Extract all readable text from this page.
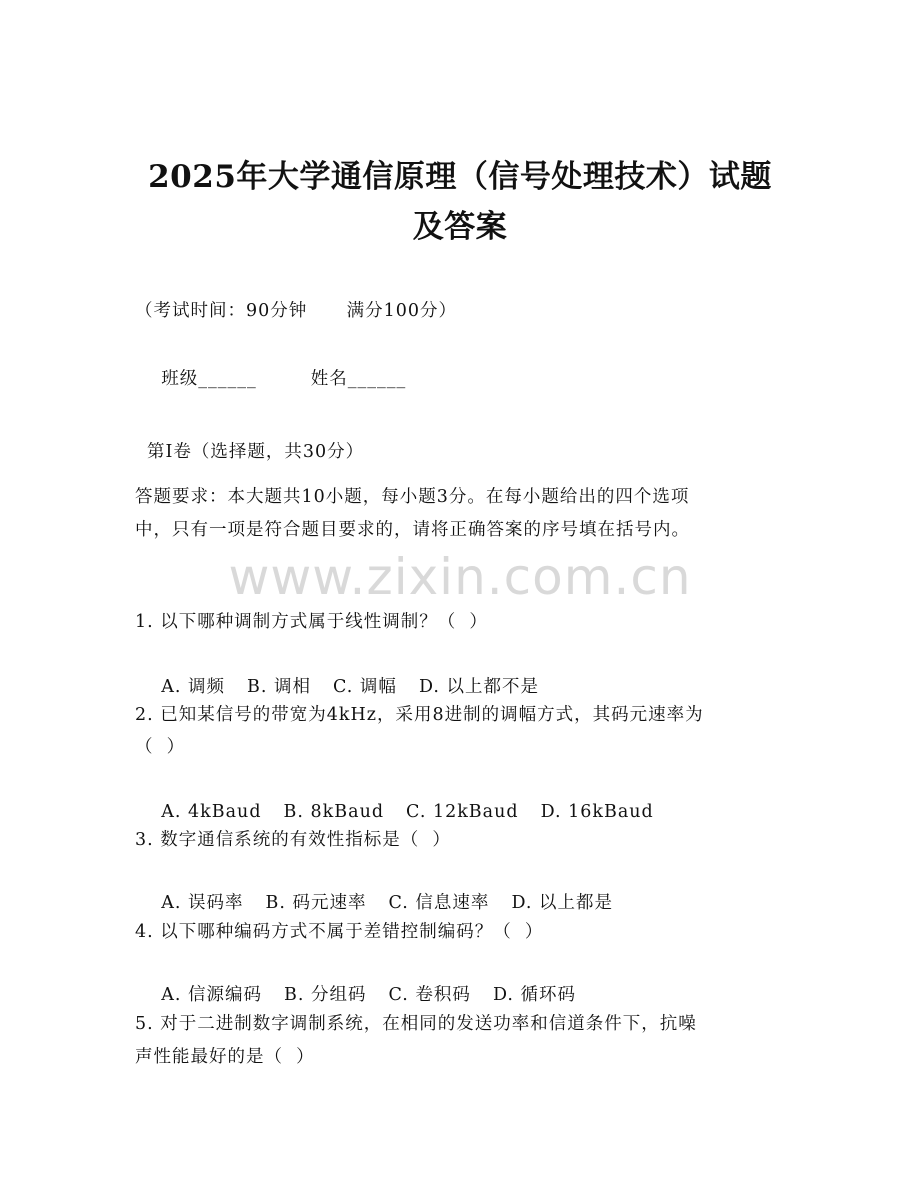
2025年大学通信原理（信号处理技术）试题
及答案
（考试时间：90分钟      满分100分）

班级______	姓名______

第I卷（选择题，共30分）
答题要求：本大题共10小题，每小题3分。在每小题给出的四个选项
中，只有一项是符合题目要求的，请将正确答案的序号填在括号内。
www.zixin.com.cn
1. 以下哪种调制方式属于线性调制？（  ）

A. 调频 B. 调相 C. 调幅 D. 以上都不是

2. 已知某信号的带宽为4kHz，采用8进制的调幅方式，其码元速率为
（  ）

A. 4kBaud B. 8kBaud C. 12kBaud D. 16kBaud

3. 数字通信系统的有效性指标是（  ）

A. 误码率 B. 码元速率 C. 信息速率 D. 以上都是

4. 以下哪种编码方式不属于差错控制编码？（  ）

A. 信源编码 B. 分组码 C. 卷积码 D. 循环码

5. 对于二进制数字调制系统，在相同的发送功率和信道条件下，抗噪
声性能最好的是（  ）
